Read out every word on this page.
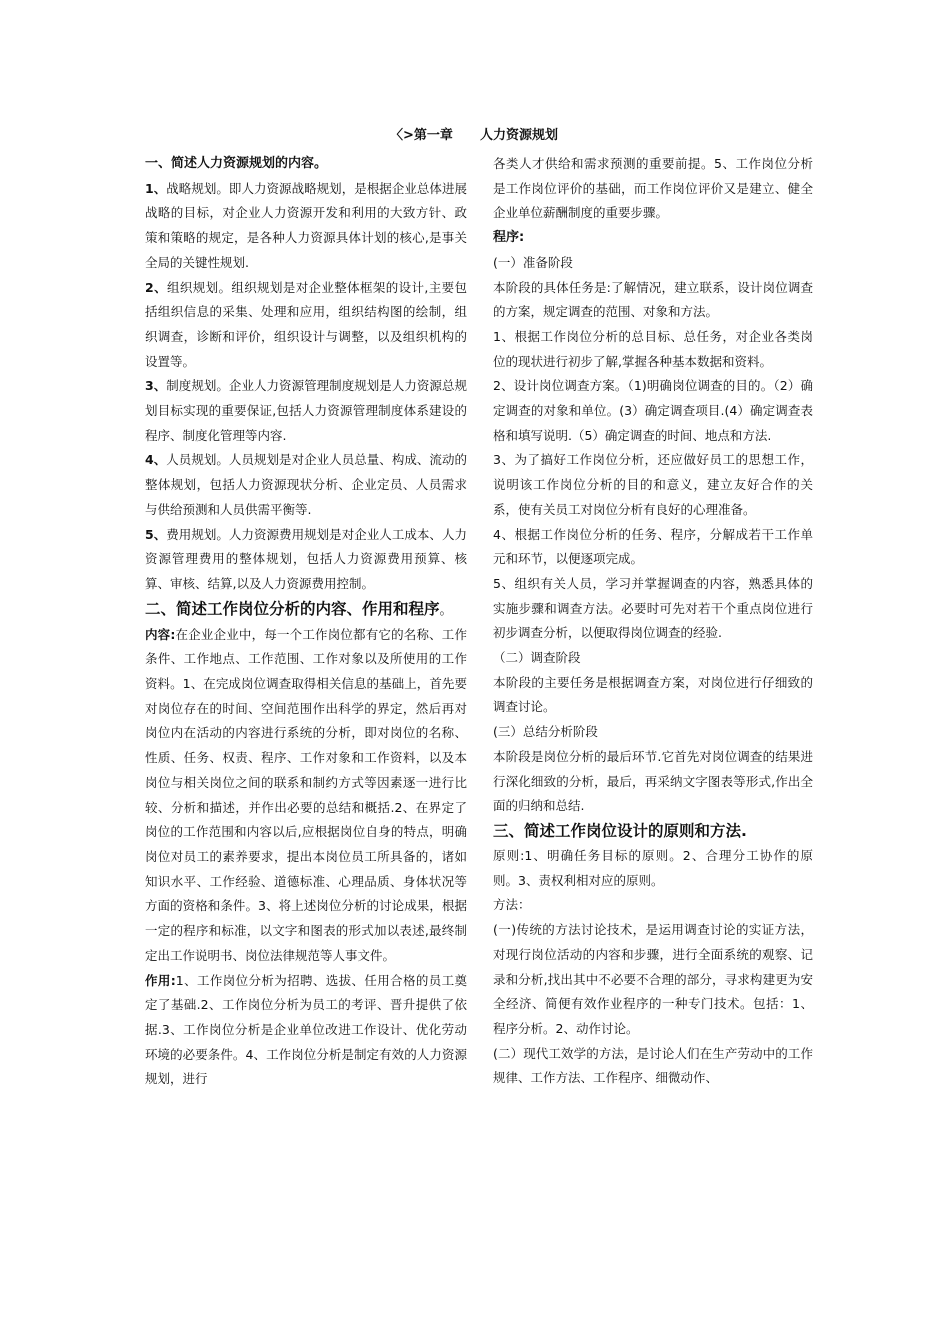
〈>第一章      人力资源规划

一、简述人力资源规划的内容。

1、战略规划。即人力资源战略规划，是根据企业总体进展战略的目标，对企业人力资源开发和利用的大致方针、政策和策略的规定，是各种人力资源具体计划的核心,是事关全局的关键性规划.

2、组织规划。组织规划是对企业整体框架的设计,主要包括组织信息的采集、处理和应用，组织结构图的绘制，组织调查，诊断和评价，组织设计与调整，以及组织机构的设置等。

3、制度规划。企业人力资源管理制度规划是人力资源总规划目标实现的重要保证,包括人力资源管理制度体系建设的程序、制度化管理等内容.

4、人员规划。人员规划是对企业人员总量、构成、流动的整体规划，包括人力资源现状分析、企业定员、人员需求与供给预测和人员供需平衡等.

5、费用规划。人力资源费用规划是对企业人工成本、人力资源管理费用的整体规划，包括人力资源费用预算、核算、审核、结算,以及人力资源费用控制。

二、简述工作岗位分析的内容、作用和程序。

内容:在企业企业中，每一个工作岗位都有它的名称、工作条件、工作地点、工作范围、工作对象以及所使用的工作资料。1、在完成岗位调查取得相关信息的基础上，首先要对岗位存在的时间、空间范围作出科学的界定，然后再对岗位内在活动的内容进行系统的分析，即对岗位的名称、性质、任务、权责、程序、工作对象和工作资料，以及本岗位与相关岗位之间的联系和制约方式等因素逐一进行比较、分析和描述，并作出必要的总结和概括.2、在界定了岗位的工作范围和内容以后,应根据岗位自身的特点，明确岗位对员工的素养要求，提出本岗位员工所具备的，诸如知识水平、工作经验、道德标准、心理品质、身体状况等方面的资格和条件。3、将上述岗位分析的讨论成果，根据一定的程序和标准，以文字和图表的形式加以表述,最终制定出工作说明书、岗位法律规范等人事文件。

作用:1、工作岗位分析为招聘、选拔、任用合格的员工奠定了基础.2、工作岗位分析为员工的考评、晋升提供了依据.3、工作岗位分析是企业单位改进工作设计、优化劳动环境的必要条件。4、工作岗位分析是制定有效的人力资源规划，进行

各类人才供给和需求预测的重要前提。5、工作岗位分析是工作岗位评价的基础，而工作岗位评价又是建立、健全企业单位薪酬制度的重要步骤。

程序:

(一）准备阶段

本阶段的具体任务是:了解情况，建立联系，设计岗位调查的方案，规定调查的范围、对象和方法。

1、根据工作岗位分析的总目标、总任务，对企业各类岗位的现状进行初步了解,掌握各种基本数据和资料。

2、设计岗位调查方案。（1)明确岗位调查的目的。（2）确定调查的对象和单位。(3）确定调查项目.(4）确定调查表格和填写说明.（5）确定调查的时间、地点和方法.

3、为了搞好工作岗位分析，还应做好员工的思想工作，说明该工作岗位分析的目的和意义，建立友好合作的关系，使有关员工对岗位分析有良好的心理准备。

4、根据工作岗位分析的任务、程序，分解成若干工作单元和环节，以便逐项完成。

5、组织有关人员，学习并掌握调查的内容，熟悉具体的实施步骤和调查方法。必要时可先对若干个重点岗位进行初步调查分析，以便取得岗位调查的经验.

（二）调查阶段

本阶段的主要任务是根据调查方案，对岗位进行仔细致的调查讨论。

(三）总结分析阶段

本阶段是岗位分析的最后环节.它首先对岗位调查的结果进行深化细致的分析，最后，再采纳文字图表等形式,作出全面的归纳和总结.

三、简述工作岗位设计的原则和方法.

原则:1、明确任务目标的原则。2、合理分工协作的原则。3、责权利相对应的原则。

方法：

(一)传统的方法讨论技术，是运用调查讨论的实证方法，对现行岗位活动的内容和步骤，进行全面系统的观察、记录和分析,找出其中不必要不合理的部分，寻求构建更为安全经济、简便有效作业程序的一种专门技术。包括：1、程序分析。2、动作讨论。

(二）现代工效学的方法，是讨论人们在生产劳动中的工作规律、工作方法、工作程序、细微动作、
